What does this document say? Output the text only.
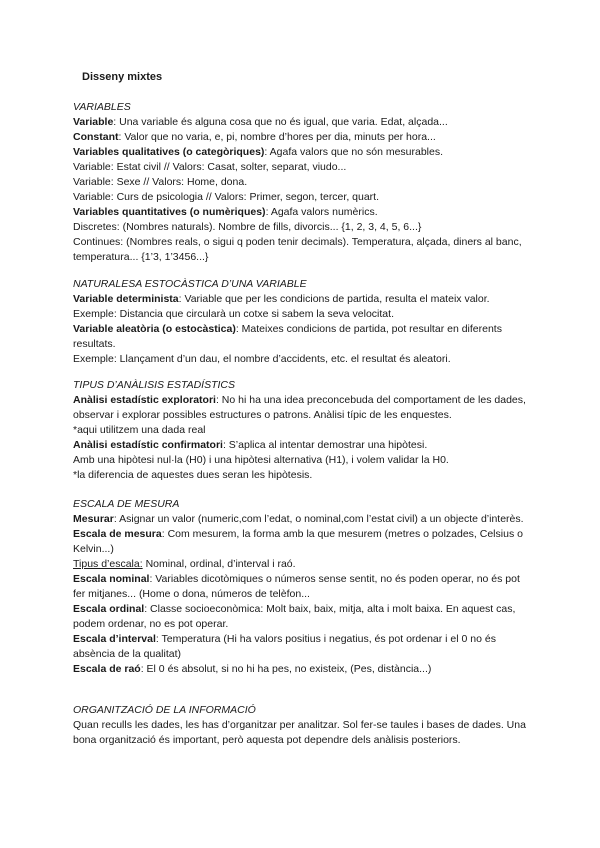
Disseny mixtes
VARIABLES
Variable: Una variable és alguna cosa que no és igual, que varia. Edat, alçada...
Constant: Valor que no varia, e, pi, nombre d’hores per dia, minuts per hora...
Variables qualitatives (o categòriques): Agafa valors que no són mesurables.
Variable: Estat civil // Valors: Casat, solter, separat, viudo...
Variable: Sexe // Valors: Home, dona.
Variable: Curs de psicologia // Valors: Primer, segon, tercer, quart.
Variables quantitatives (o numèriques): Agafa valors numèrics.
Discretes: (Nombres naturals). Nombre de fills, divorcis... {1, 2, 3, 4, 5, 6...}
Continues: (Nombres reals, o sigui q poden tenir decimals). Temperatura, alçada, diners al banc, temperatura... {1’3, 1’3456...}
NATURALESA ESTOCÀSTICA D’UNA VARIABLE
Variable determinista: Variable que per les condicions de partida, resulta el mateix valor.
Exemple: Distancia que circularà un cotxe si sabem la seva velocitat.
Variable aleatòria (o estocàstica): Mateixes condicions de partida, pot resultar en diferents resultats.
Exemple: Llançament d’un dau, el nombre d’accidents, etc. el resultat és aleatori.
TIPUS D’ANÀLISIS ESTADÍSTICS
Anàlisi estadístic exploratori: No hi ha una idea preconcebuda del comportament de les dades, observar i explorar possibles estructures o patrons. Anàlisi típic de les enquestes.
*aqui utilitzem una dada real
Anàlisi estadístic confirmatori: S’aplica al intentar demostrar una hipòtesi.
Amb una hipòtesi nul·la (H0) i una hipòtesi alternativa (H1), i volem validar la H0.
*la diferencia de aquestes dues seran les hipòtesis.
ESCALA DE MESURA
Mesurar: Asignar un valor (numeric,com l’edat, o nominal,com l’estat civil) a un objecte d’interès.
Escala de mesura: Com mesurem, la forma amb la que mesurem (metres o polzades, Celsius o Kelvin...)
Tipus d’escala: Nominal, ordinal, d’interval i raó.
Escala nominal: Variables dicotòmiques o números sense sentit, no és poden operar, no és pot fer mitjanes... (Home o dona, números de telèfon...
Escala ordinal: Classe socioeconòmica: Molt baix, baix, mitja, alta i molt baixa. En aquest cas, podem ordenar, no es pot operar.
Escala d’interval: Temperatura (Hi ha valors positius i negatius, és pot ordenar i el 0 no és absència de la qualitat)
Escala de raó: El 0 és absolut, si no hi ha pes, no existeix, (Pes, distància...)
ORGANITZACIÓ DE LA INFORMACIÓ
Quan reculls les dades, les has d’organitzar per analitzar. Sol fer-se taules i bases de dades. Una bona organització és important, però aquesta pot dependre dels anàlisis posteriors.
